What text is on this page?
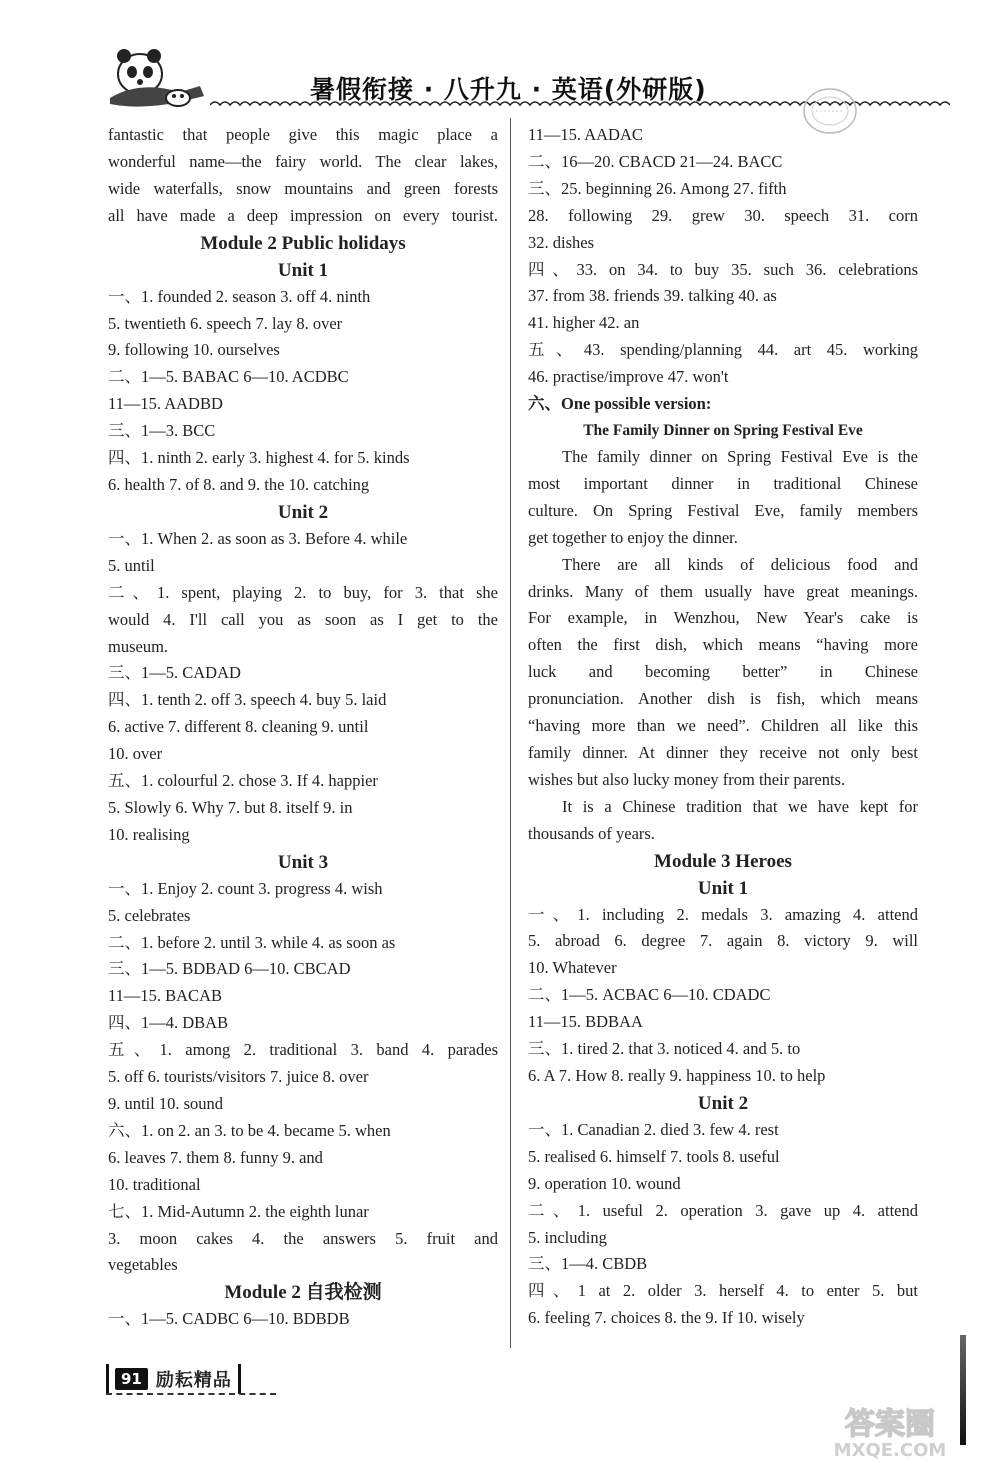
暑假衔接 · 八升九 · 英语(外研版)
fantastic that people give this magic place a
wonderful name—the fairy world. The clear lakes,
wide waterfalls, snow mountains and green forests
all have made a deep impression on every tourist.
Module 2 Public holidays
Unit 1
一、1. founded 2. season 3. off 4. ninth
5. twentieth 6. speech 7. lay 8. over
9. following 10. ourselves
二、1—5. BABAC 6—10. ACDBC
11—15. AADBD
三、1—3. BCC
四、1. ninth 2. early 3. highest 4. for 5. kinds
6. health 7. of 8. and 9. the 10. catching
Unit 2
一、1. When 2. as soon as 3. Before 4. while
5. until
二、1. spent, playing 2. to buy, for 3. that she
would 4. I'll call you as soon as I get to the
museum.
三、1—5. CADAD
四、1. tenth 2. off 3. speech 4. buy 5. laid
6. active 7. different 8. cleaning 9. until
10. over
五、1. colourful 2. chose 3. If 4. happier
5. Slowly 6. Why 7. but 8. itself 9. in
10. realising
Unit 3
一、1. Enjoy 2. count 3. progress 4. wish
5. celebrates
二、1. before 2. until 3. while 4. as soon as
三、1—5. BDBAD 6—10. CBCAD
11—15. BACAB
四、1—4. DBAB
五、1. among 2. traditional 3. band 4. parades
5. off 6. tourists/visitors 7. juice 8. over
9. until 10. sound
六、1. on 2. an 3. to be 4. became 5. when
6. leaves 7. them 8. funny 9. and
10. traditional
七、1. Mid-Autumn 2. the eighth lunar
3. moon cakes 4. the answers 5. fruit and
vegetables
Module 2 自我检测
一、1—5. CADBC 6—10. BDBDB
11—15. AADAC
二、16—20. CBACD 21—24. BACC
三、25. beginning 26. Among 27. fifth
28. following 29. grew 30. speech 31. corn
32. dishes
四、33. on 34. to buy 35. such 36. celebrations
37. from 38. friends 39. talking 40. as
41. higher 42. an
五、43. spending/planning 44. art 45. working
46. practise/improve 47. won't
六、One possible version:
The Family Dinner on Spring Festival Eve
The family dinner on Spring Festival Eve is the
most important dinner in traditional Chinese
culture. On Spring Festival Eve, family members
get together to enjoy the dinner.
There are all kinds of delicious food and
drinks. Many of them usually have great meanings.
For example, in Wenzhou, New Year's cake is
often the first dish, which means “having more
luck and becoming better” in Chinese
pronunciation. Another dish is fish, which means
“having more than we need”. Children all like this
family dinner. At dinner they receive not only best
wishes but also lucky money from their parents.
It is a Chinese tradition that we have kept for
thousands of years.
Module 3 Heroes
Unit 1
一、1. including 2. medals 3. amazing 4. attend
5. abroad 6. degree 7. again 8. victory 9. will
10. Whatever
二、1—5. ACBAC 6—10. CDADC
11—15. BDBAA
三、1. tired 2. that 3. noticed 4. and 5. to
6. A 7. How 8. really 9. happiness 10. to help
Unit 2
一、1. Canadian 2. died 3. few 4. rest
5. realised 6. himself 7. tools 8. useful
9. operation 10. wound
二、1. useful 2. operation 3. gave up 4. attend
5. including
三、1—4. CBDB
四、1 at 2. older 3. herself 4. to enter 5. but
6. feeling 7. choices 8. the 9. If 10. wisely
91 励耘精品
答案圈
MXQE.COM
